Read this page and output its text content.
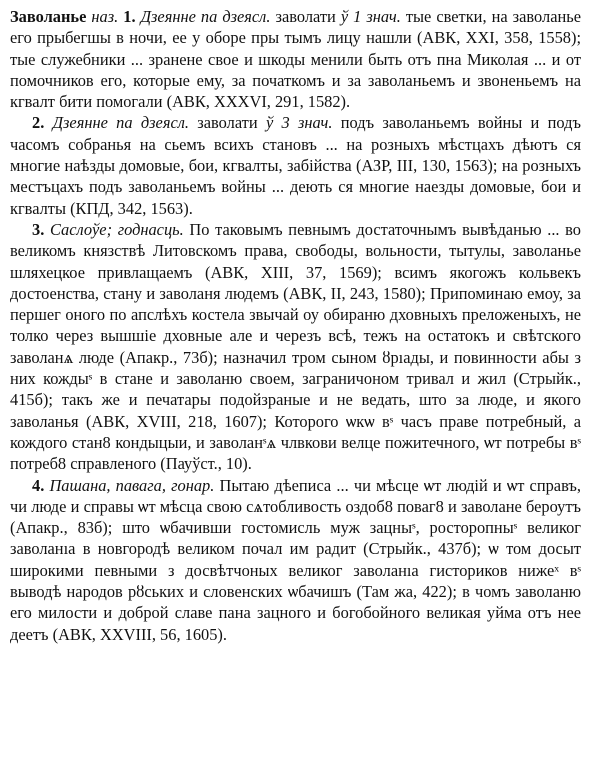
Заволанье наз. 1. Дзеянне па дзеясл. заволати ў 1 знач. тые светки, на заволанье его прыбегшы в ночи, ее у оборе пры тымъ лицу нашли (АВК, XXI, 358, 1558); тые служебники ... зранене свое и шкоды менили быть отъ пна Миколая ... и от помочников его, которые ему, за початкомъ и за заволаньемъ и звоненьемъ на кгвалт бити помогали (АВК, XXXVI, 291, 1582).

2. Дзеянне па дзеясл. заволати ў 3 знач. подъ заволаньемъ войны и подъ часомъ собранья на сьемъ всихъ становъ ... на розныхъ мѣстцахъ дѣютъ ся многие наѣзды домовые, бои, кгвалты, забійства (АЗР, III, 130, 1563); на розныхъ местъцахъ подъ заволаньемъ войны ... деють ся многие наезды домовые, бои и кгвалты (КПД, 342, 1563).

3. Саслоўе; годнасць. По таковымъ певнымъ достаточнымъ вывѣданью ... во великомъ князствѣ Литовскомъ права, свободы, вольности, тытулы, заволанье шляхецкое привлащаемъ (АВК, XIII, 37, 1569); всимъ якогожъ кольвекъ достоенства, стану и заволаня людемъ (АВК, II, 243, 1580); Припоминаю емоу, за першег оного по апслѣхъ костела звычай оу обираню дховныхъ преложеныхъ, не толко через вышшіе дховные але и черезъ всѣ, тежъ на остатокъ и свѣтского заволанѧ люде (Апакр., 73б); назначил тром сыном ȣрıады, и повинности абы з них кождыˢ в стане и заволаню своем, заграничоном тривал и жил (Стрыйк., 415б); такъ же и печатары подойзраные и не ведать, што за люде, и якого заволанья (АВК, XVIII, 218, 1607); Которого ѡкѡ вˢ часъ праве потребный, а кождого стан8 кондыцыи, и заволанˢѧ члвкови велце пожитечного, ѡт потребы вˢ потреб8 справленого (Пауўст., 10).

4. Пашана, павага, гонар. Пытаю дѣеписа ... чи мѣсце ѡт людій и ѡт справъ, чи люде и справы ѡт мѣсца свою сѧтобливость оздоб8 поваг8 и заволане бероутъ (Апакр., 83б); што ѡбачивши гостомисль муж зацныˢ, росторопныˢ великог заволанıа в новгородѣ великом почал им радит (Стрыйк., 437б); ѡ том досыт широкими певными з досвѣтчоных великог заволанıа гисториков нижеˣ вˢ выводѣ народов рȣських и словенских ѡбачишъ (Там жа, 422); в чомъ заволаню его милости и доброй славе пана зацного и богобойного великая уйма отъ нее деетъ (АВК, XXVIII, 56, 1605).
